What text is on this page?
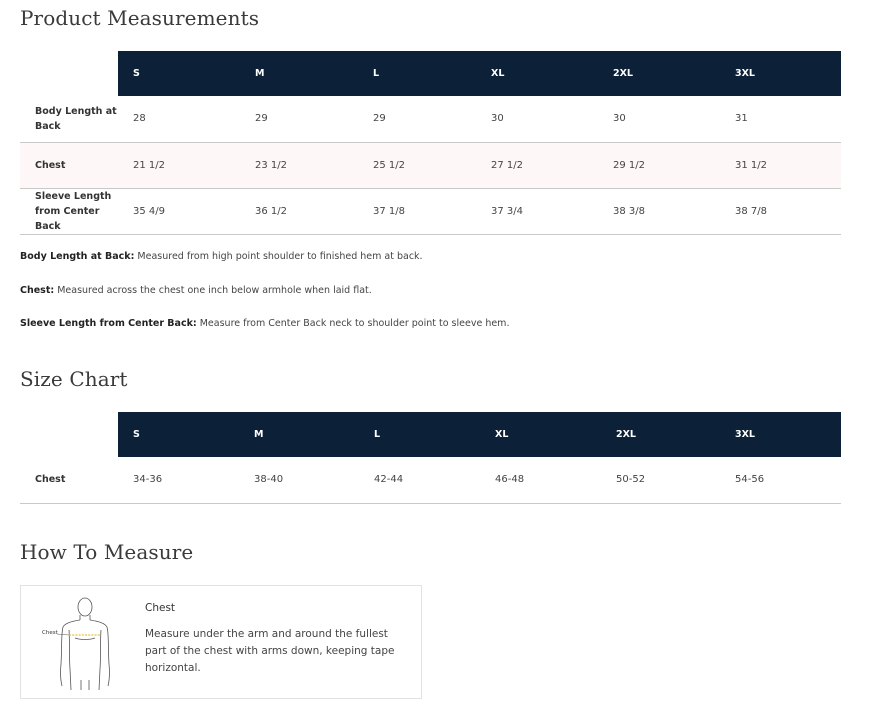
Product Measurements
	S	M	L	XL	2XL	3XL
Body Length at Back	28	29	29	30	30	31
Chest	21 1/2	23 1/2	25 1/2	27 1/2	29 1/2	31 1/2
Sleeve Length from Center Back	35 4/9	36 1/2	37 1/8	37 3/4	38 3/8	38 7/8
Body Length at Back: Measured from high point shoulder to finished hem at back.
Chest: Measured across the chest one inch below armhole when laid flat.
Sleeve Length from Center Back: Measure from Center Back neck to shoulder point to sleeve hem.
Size Chart
	S	M	L	XL	2XL	3XL
Chest	34-36	38-40	42-44	46-48	50-52	54-56
How To Measure
Chest
Chest
Measure under the arm and around the fullest part of the chest with arms down, keeping tape horizontal.
